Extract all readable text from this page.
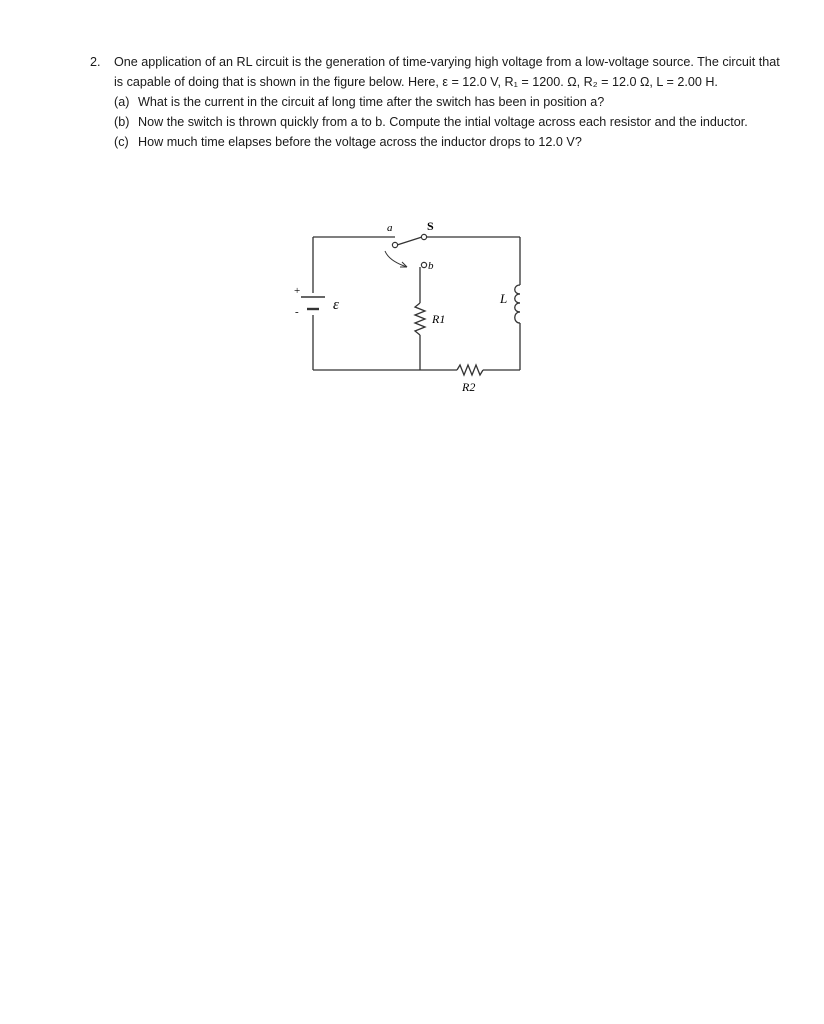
2.	One application of an RL circuit is the generation of time-varying high voltage from a low-voltage source. The circuit that is capable of doing that is shown in the figure below. Here, ε = 12.0 V, R₁ = 1200. Ω, R₂ = 12.0 Ω, L = 2.00 H.
(a) What is the current in the circuit af long time after the switch has been in position a?
(b) Now the switch is thrown quickly from a to b. Compute the intial voltage across each resistor and the inductor.
(c) How much time elapses before the voltage across the inductor drops to 12.0 V?
a	S
b
+
- ε
R1
R2
L
